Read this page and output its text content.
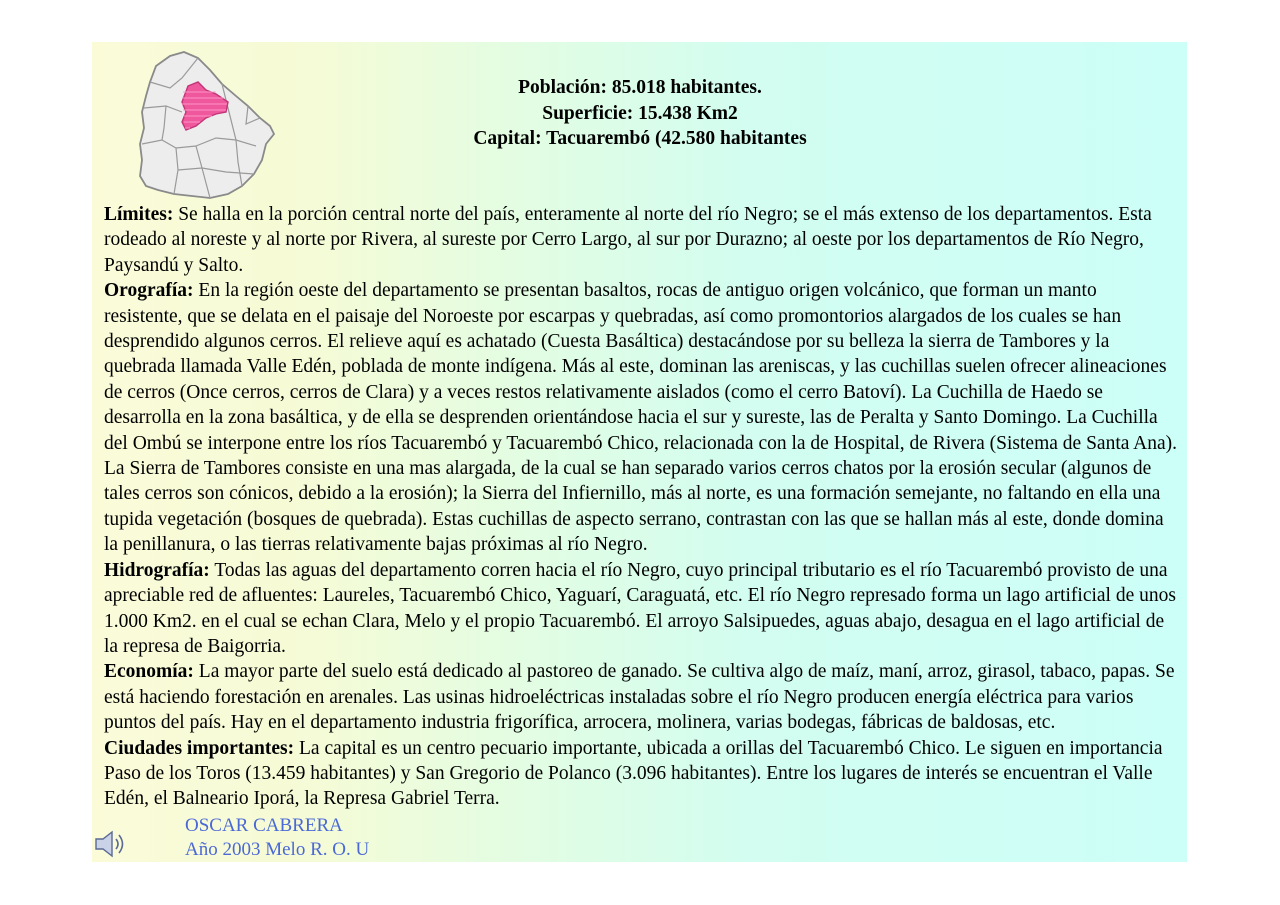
Población: 85.018 habitantes.
Superficie: 15.438 Km2
Capital: Tacuarembó (42.580 habitantes

Límites: Se halla en la porción central norte del país, enteramente al norte del río Negro; se el más extenso de los departamentos. Esta rodeado al noreste y al norte por Rivera, al sureste por Cerro Largo, al sur por Durazno; al oeste por los departamentos de Río Negro, Paysandú y Salto.

Orografía: En la región oeste del departamento se presentan basaltos, rocas de antiguo origen volcánico, que forman un manto resistente, que se delata en el paisaje del Noroeste por escarpas y quebradas, así como promontorios alargados de los cuales se han desprendido algunos cerros. El relieve aquí es achatado (Cuesta Basáltica) destacándose por su belleza la sierra de Tambores y la quebrada llamada Valle Edén, poblada de monte indígena. Más al este, dominan las areniscas, y las cuchillas suelen ofrecer alineaciones de cerros (Once cerros, cerros de Clara) y a veces restos relativamente aislados (como el cerro Batoví). La Cuchilla de Haedo se desarrolla en la zona basáltica, y de ella se desprenden orientándose hacia el sur y sureste, las de Peralta y Santo Domingo. La Cuchilla del Ombú se interpone entre los ríos Tacuarembó y Tacuarembó Chico, relacionada con la de Hospital, de Rivera (Sistema de Santa Ana). La Sierra de Tambores consiste en una mas alargada, de la cual se han separado varios cerros chatos por la erosión secular (algunos de tales cerros son cónicos, debido a la erosión); la Sierra del Infiernillo, más al norte, es una formación semejante, no faltando en ella una tupida vegetación (bosques de quebrada). Estas cuchillas de aspecto serrano, contrastan con las que se hallan más al este, donde domina la penillanura, o las tierras relativamente bajas próximas al río Negro.

Hidrografía: Todas las aguas del departamento corren hacia el río Negro, cuyo principal tributario es el río Tacuarembó provisto de una apreciable red de afluentes: Laureles, Tacuarembó Chico, Yaguarí, Caraguatá, etc. El río Negro represado forma un lago artificial de unos 1.000 Km2. en el cual se echan Clara, Melo y el propio Tacuarembó. El arroyo Salsipuedes, aguas abajo, desagua en el lago artificial de la represa de Baigorria.

Economía: La mayor parte del suelo está dedicado al pastoreo de ganado. Se cultiva algo de maíz, maní, arroz, girasol, tabaco, papas. Se está haciendo forestación en arenales. Las usinas hidroeléctricas instaladas sobre el río Negro producen energía eléctrica para varios puntos del país. Hay en el departamento industria frigorífica, arrocera, molinera, varias bodegas, fábricas de baldosas, etc.

Ciudades importantes: La capital es un centro pecuario importante, ubicada a orillas del Tacuarembó Chico. Le siguen en importancia Paso de los Toros (13.459 habitantes) y San Gregorio de Polanco (3.096 habitantes). Entre los lugares de interés se encuentran el Valle Edén, el Balneario Iporá, la Represa Gabriel Terra.

OSCAR CABRERA
Año 2003 Melo R. O. U
